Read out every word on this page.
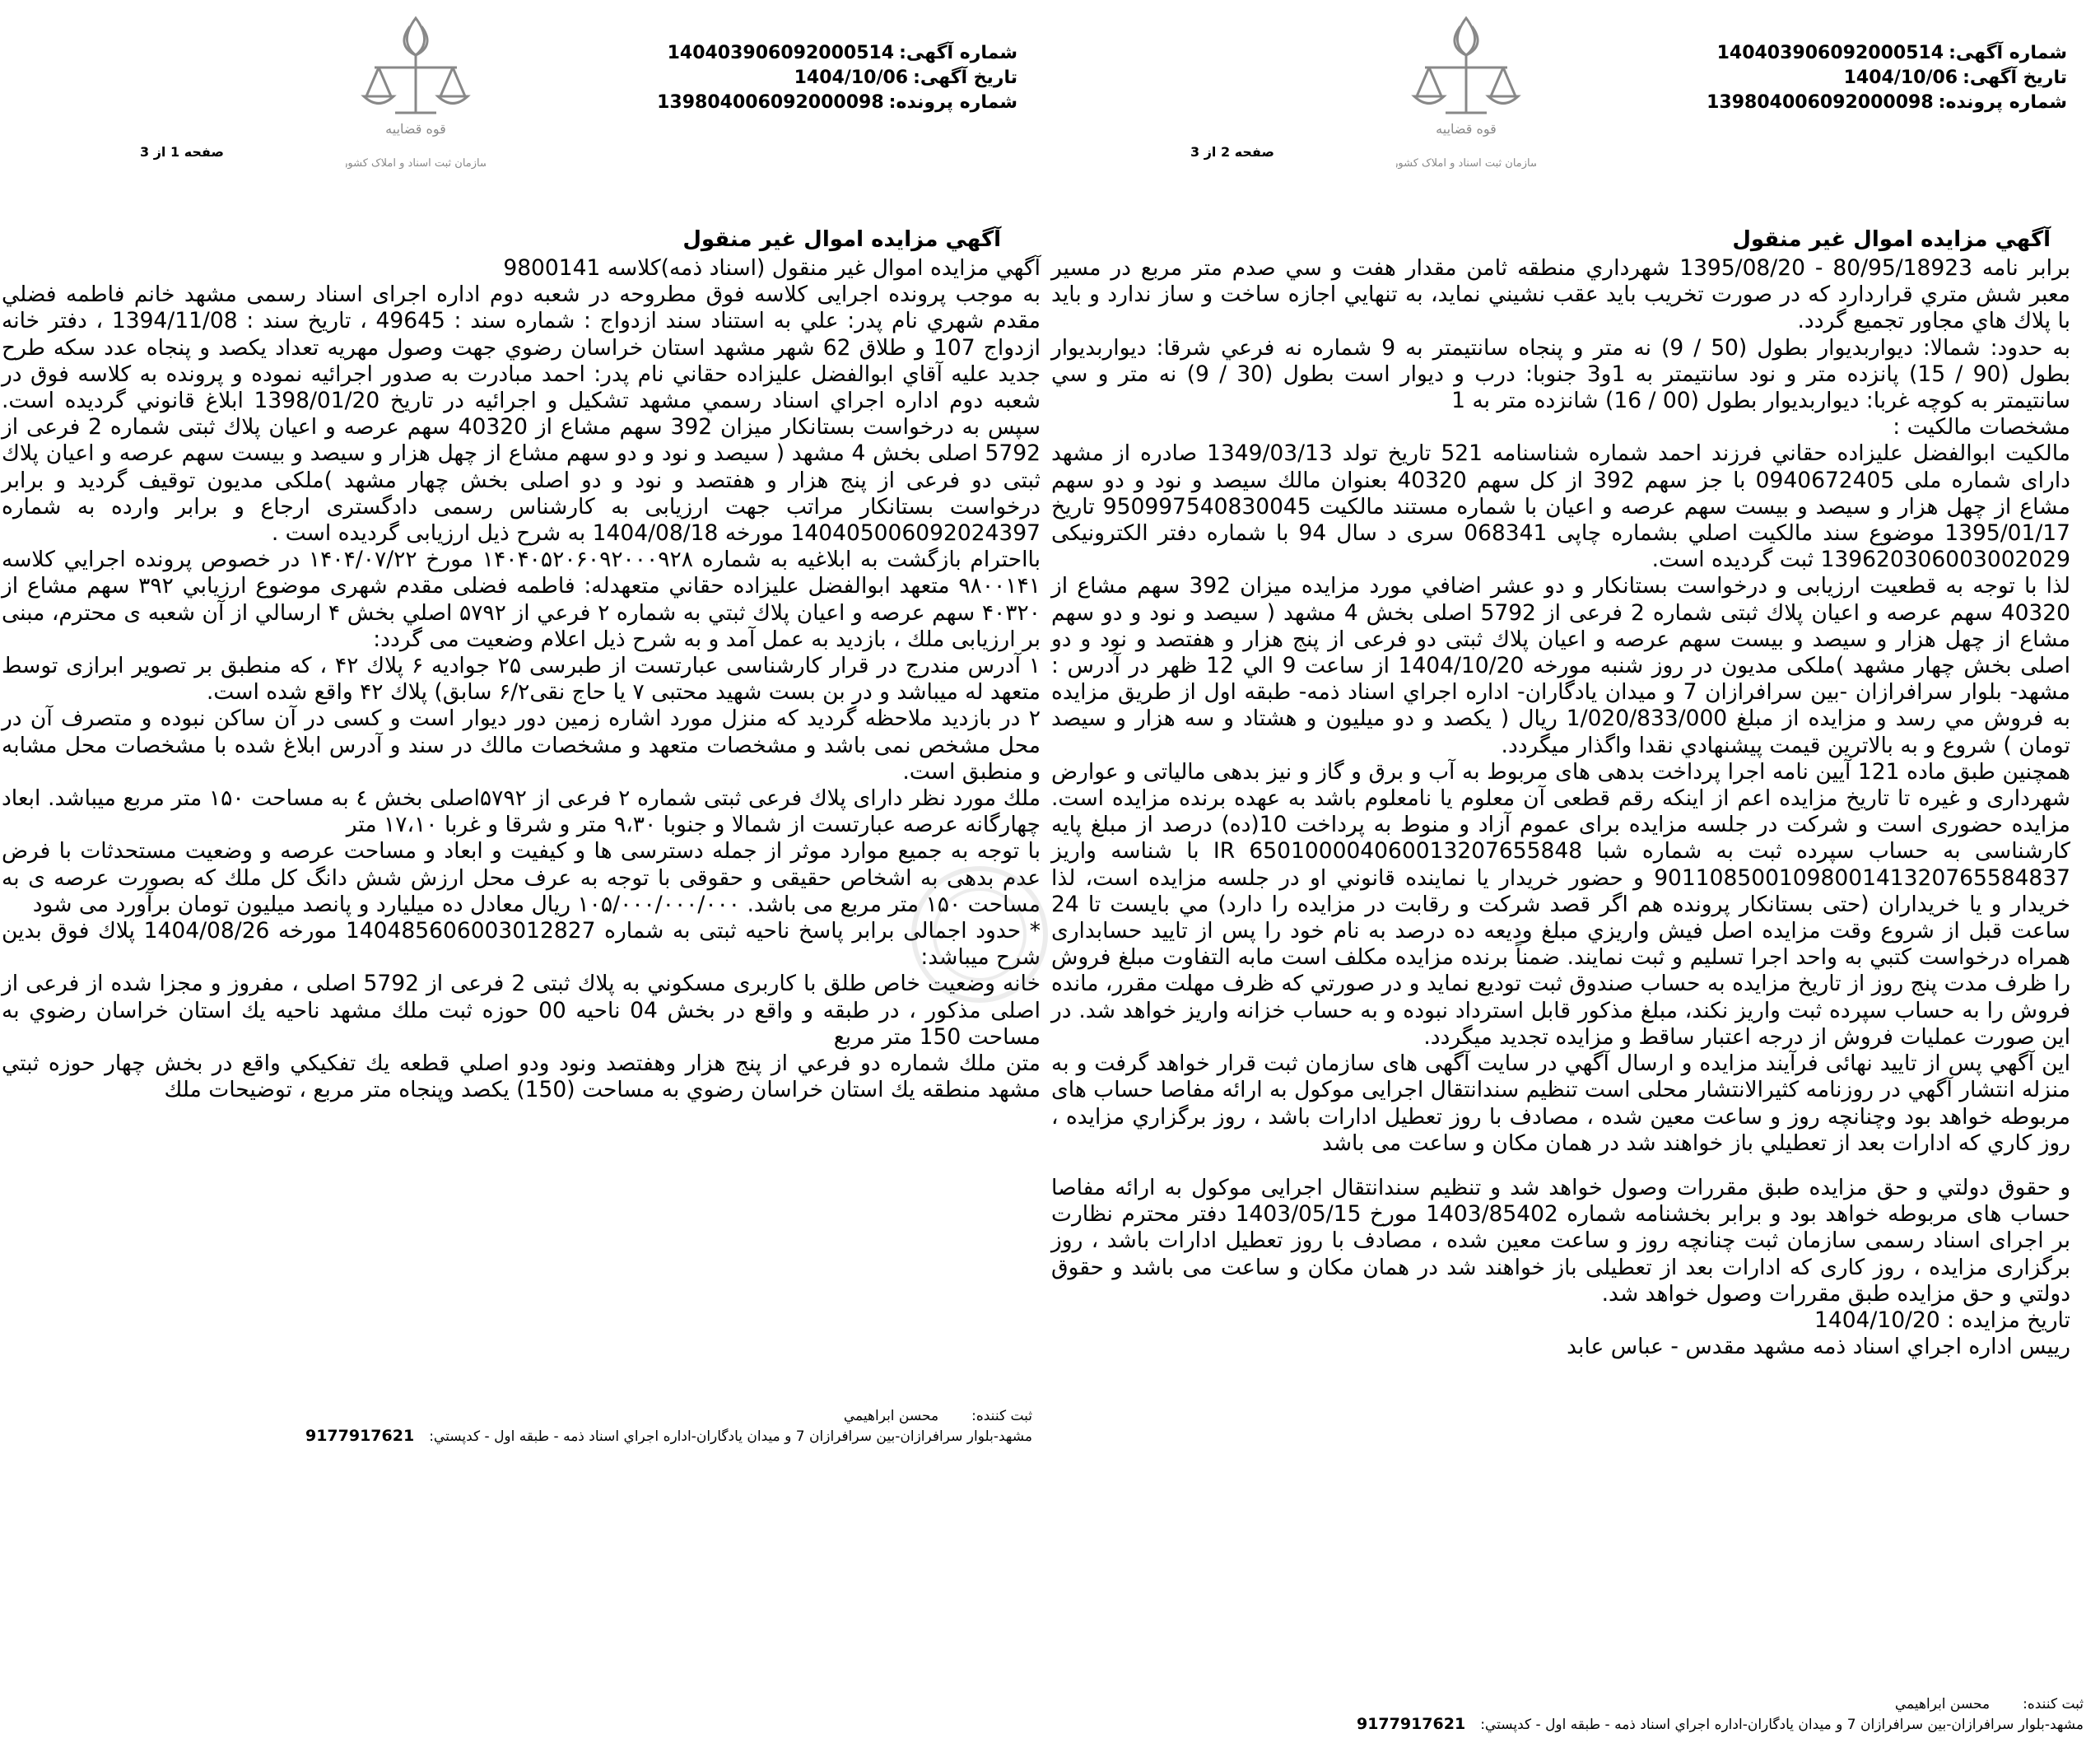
شماره آگهی:140403906092000514
تاریخ آگهی:1404/10/06
شماره پرونده:139804006092000098
قوه قضاییه
سازمان ثبت اسناد و املاک کشور
صفحه 2 از 3
آگهي مزايده اموال غير منقول

برابر نامه 80/95/18923 - 1395/08/20 شهرداري منطقه ثامن مقدار هفت و سي صدم متر مربع در مسير معبر شش متري قراردارد كه در صورت تخريب بايد عقب نشيني نمايد، به تنهايي اجازه ساخت و ساز ندارد و بايد با پلاك هاي مجاور تجميع گردد.

به حدود: شمالا: ديواربديوار بطول (50 / 9) نه متر و پنجاه سانتيمتر به 9 شماره نه فرعي شرقا: ديواربديوار بطول (90 / 15) پانزده متر و نود سانتيمتر به 1و3 جنوبا: درب و ديوار است بطول (30 / 9) نه متر و سي سانتيمتر به كوچه غربا: ديواربديوار بطول (00 / 16) شانزده متر به 1

مشخصات مالكيت :

مالكيت ابوالفضل عليزاده حقاني فرزند احمد شماره شناسنامه 521 تاريخ تولد 1349/03/13 صادره از مشهد داراى شماره ملى 0940672405 با جز سهم 392 از كل سهم 40320 بعنوان مالك سيصد و نود و دو سهم مشاع از چهل هزار و سيصد و بيست سهم عرصه و اعيان با شماره مستند مالكيت 950997540830045 تاريخ 1395/01/17 موضوع سند مالكيت اصلي بشماره چاپى 068341 سرى د سال 94 با شماره دفتر الكترونيكى 139620306003002029 ثبت گرديده است.

لذا با توجه به قطعيت ارزيابى و درخواست بستانكار و دو عشر اضافي مورد مزايده ميزان 392 سهم مشاع از 40320 سهم عرصه و اعيان پلاك ثبتى شماره 2 فرعى از 5792 اصلى بخش 4 مشهد ( سيصد و نود و دو سهم مشاع از چهل هزار و سيصد و بيست سهم عرصه و اعيان پلاك ثبتى دو فرعى از پنج هزار و هفتصد و نود و دو اصلى بخش چهار مشهد )ملكى مديون در روز شنبه مورخه 1404/10/20 از ساعت 9 الي 12 ظهر در آدرس : مشهد- بلوار سرافرازان -بين سرافرازان 7 و ميدان يادگاران- اداره اجراي اسناد ذمه- طبقه اول از طريق مزايده به فروش مي رسد و مزايده از مبلغ 1/020/833/000 ريال ( يكصد و دو ميليون و هشتاد و سه هزار و سيصد تومان ) شروع و به بالاترين قيمت پيشنهادي نقدا واگذار ميگردد.

همچنين طبق ماده 121 آيين نامه اجرا پرداخت بدهى هاى مربوط به آب و برق و گاز و نيز بدهى مالياتى و عوارض شهردارى و غيره تا تاريخ مزايده اعم از اينكه رقم قطعى آن معلوم يا نامعلوم باشد به عهده برنده مزايده است. مزايده حضورى است و شركت در جلسه مزايده براى عموم آزاد و منوط به پرداخت 10(ده) درصد از مبلغ پايه كارشناسى به حساب سپرده ثبت به شماره شبا IR 650100004060013207655848 با شناسه واريز 901108500109800141320765584837 و حضور خريدار يا نماينده قانوني او در جلسه مزايده است، لذا خريدار و يا خريداران (حتى بستانكار پرونده هم اگر قصد شركت و رقابت در مزايده را دارد) مي بايست تا 24 ساعت قبل از شروع وقت مزايده اصل فيش واريزي مبلغ وديعه ده درصد به نام خود را پس از تاييد حسابدارى همراه درخواست كتبي به واحد اجرا تسليم و ثبت نمايند. ضمناً برنده مزايده مكلف است مابه التفاوت مبلغ فروش را ظرف مدت پنج روز از تاريخ مزايده به حساب صندوق ثبت توديع نمايد و در صورتي كه ظرف مهلت مقرر، مانده فروش را به حساب سپرده ثبت واريز نكند، مبلغ مذكور قابل استرداد نبوده و به حساب خزانه واريز خواهد شد. در اين صورت عمليات فروش از درجه اعتبار ساقط و مزايده تجديد ميگردد.

اين آگهي پس از تاييد نهائى فرآيند مزايده و ارسال آگهي در سايت آگهى هاى سازمان ثبت قرار خواهد گرفت و به منزله انتشار آگهي در روزنامه كثيرالانتشار محلى است تنظيم سندانتقال اجرايى موكول به ارائه مفاصا حساب هاى مربوطه خواهد بود وچنانچه روز و ساعت معين شده ، مصادف با روز تعطيل ادارات باشد ، روز برگزاري مزايده ، روز كاري كه ادارات بعد از تعطيلي باز خواهند شد در همان مكان و ساعت مى باشد

و حقوق دولتي و حق مزايده طبق مقررات وصول خواهد شد و تنظيم سندانتقال اجرايى موكول به ارائه مفاصا حساب هاى مربوطه خواهد بود و برابر بخشنامه شماره 1403/85402 مورخ 1403/05/15 دفتر محترم نظارت بر اجراى اسناد رسمى سازمان ثبت چنانچه روز و ساعت معين شده ، مصادف با روز تعطيل ادارات باشد ، روز برگزارى مزايده ، روز كارى كه ادارات بعد از تعطيلى باز خواهند شد در همان مكان و ساعت مى باشد و حقوق دولتي و حق مزايده طبق مقررات وصول خواهد شد.

تاريخ مزايده : 1404/10/20

رييس اداره اجراي اسناد ذمه مشهد مقدس - عباس عابد

ثبت كننده:
محسن ابراهيمي
مشهد-بلوار سرافرازان-بين سرافرازان 7 و ميدان يادگاران-اداره اجراي اسناد ذمه - طبقه اول - كدپستي:9177917621
شماره آگهی:140403906092000514
تاریخ آگهی:1404/10/06
شماره پرونده:139804006092000098
قوه قضاییه
سازمان ثبت اسناد و املاک کشور
صفحه 1 از 3
آگهي مزايده اموال غير منقول

آگهي مزايده اموال غير منقول (اسناد ذمه)كلاسه 9800141

به موجب پرونده اجرايى كلاسه فوق مطروحه در شعبه دوم اداره اجراى اسناد رسمى مشهد خانم فاطمه فضلي مقدم شهري نام پدر: علي به استناد سند ازدواج : شماره سند : 49645 ، تاريخ سند : 1394/11/08 ، دفتر خانه ازدواج 107 و طلاق 62 شهر مشهد استان خراسان رضوي جهت وصول مهريه تعداد يكصد و پنجاه عدد سكه طرح جديد عليه آقاي ابوالفضل عليزاده حقاني نام پدر: احمد مبادرت به صدور اجرائيه نموده و پرونده به كلاسه فوق در شعبه دوم اداره اجراي اسناد رسمي مشهد تشكيل و اجرائيه در تاريخ 1398/01/20 ابلاغ قانوني گرديده است. سپس به درخواست بستانكار ميزان 392 سهم مشاع از 40320 سهم عرصه و اعيان پلاك ثبتى شماره 2 فرعى از 5792 اصلى بخش 4 مشهد ( سيصد و نود و دو سهم مشاع از چهل هزار و سيصد و بيست سهم عرصه و اعيان پلاك ثبتى دو فرعى از پنج هزار و هفتصد و نود و دو اصلى بخش چهار مشهد )ملكى مديون توقيف گرديد و برابر درخواست بستانكار مراتب جهت ارزيابى به كارشناس رسمى دادگسترى ارجاع و برابر وارده به شماره 140405006092024397 مورخه 1404/08/18 به شرح ذيل ارزيابى گرديده است .

بااحترام بازگشت به ابلاغيه به شماره ۱۴۰۴۰۵۲۰۶۰۹۲۰۰۰۹۲۸ مورخ ۱۴۰۴/۰۷/۲۲ در خصوص پرونده اجرايي كلاسه ۹۸۰۰۱۴۱ متعهد ابوالفضل عليزاده حقاني متعهدله: فاطمه فضلی مقدم شهری موضوع ارزيابي ۳۹۲ سهم مشاع از ۴۰۳۲۰ سهم عرصه و اعيان پلاك ثبتي به شماره ۲ فرعي از ۵۷۹۲ اصلي بخش ۴ ارسالي از آن شعبه ی محترم، مبنی بر ارزيابی ملك ، بازديد به عمل آمد و به شرح ذيل اعلام وضعيت می گردد:

۱ آدرس مندرج در قرار كارشناسی عبارتست از طبرسی ۲۵ جواديه ۶ پلاك ۴۲ ، كه منطبق بر تصوير ابرازی توسط متعهد له ميباشد و در بن بست شهيد محتبی ۷ يا حاج نقی۶/۲ سابق) پلاك ۴۲ واقع شده است.

۲ در بازديد ملاحظه گرديد كه منزل مورد اشاره زمين دور ديوار است و كسی در آن ساكن نبوده و متصرف آن در محل مشخص نمی باشد و مشخصات متعهد و مشخصات مالك در سند و آدرس ابلاغ شده با مشخصات محل مشابه و منطبق است.

ملك مورد نظر دارای پلاك فرعی ثبتی شماره ۲ فرعی از ۵۷۹۲اصلی بخش ٤ به مساحت ۱۵۰ متر مربع ميباشد. ابعاد چهارگانه عرصه عبارتست از شمالا و جنوبا ۹،۳۰ متر و شرقا و غربا ۱۷،۱۰ متر

با توجه به جميع موارد موثر از جمله دسترسی ها و كيفيت و ابعاد و مساحت عرصه و وضعيت مستحدثات با فرض عدم بدهی به اشخاص حقيقی و حقوقی با توجه به عرف محل ارزش شش دانگ كل ملك كه بصورت عرصه ی به مساحت ۱۵۰ متر مربع می باشد. ۱۰۵/۰۰۰/۰۰۰/۰۰۰ ريال معادل ده ميليارد و پانصد ميليون تومان برآورد می شود

* حدود اجمالى برابر پاسخ ناحيه ثبتى به شماره 140485606003012827 مورخه 1404/08/26 پلاك فوق بدين شرح ميباشد:

خانه وضعيت خاص طلق با كاربرى مسكوني به پلاك ثبتى 2 فرعى از 5792 اصلى ، مفروز و مجزا شده از فرعى از اصلى مذكور ، در طبقه و واقع در بخش 04 ناحيه 00 حوزه ثبت ملك مشهد ناحيه يك استان خراسان رضوي به مساحت 150 متر مربع

متن ملك شماره دو فرعي از پنج هزار وهفتصد ونود ودو اصلي قطعه يك تفكيكي واقع در بخش چهار حوزه ثبتي مشهد منطقه يك استان خراسان رضوي به مساحت (150) يكصد وپنجاه متر مربع ، توضيحات ملك

ثبت كننده:
محسن ابراهيمي
مشهد-بلوار سرافرازان-بين سرافرازان 7 و ميدان يادگاران-اداره اجراي اسناد ذمه - طبقه اول - كدپستي:9177917621
